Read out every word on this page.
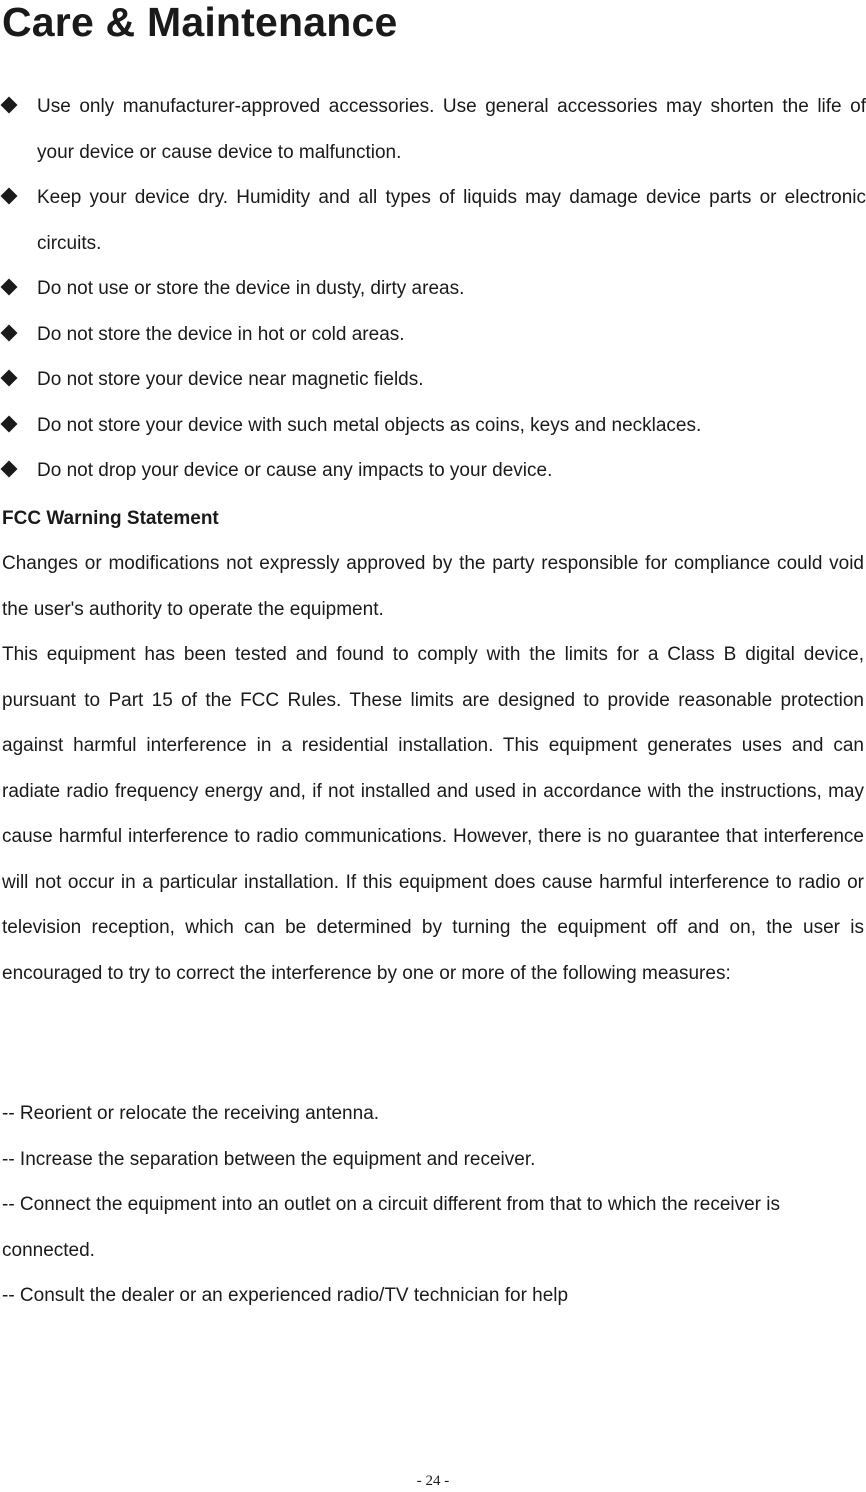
Care & Maintenance
Use only manufacturer-approved accessories. Use general accessories may shorten the life of your device or cause device to malfunction.
Keep your device dry. Humidity and all types of liquids may damage device parts or electronic circuits.
Do not use or store the device in dusty, dirty areas.
Do not store the device in hot or cold areas.
Do not store your device near magnetic fields.
Do not store your device with such metal objects as coins, keys and necklaces.
Do not drop your device or cause any impacts to your device.
FCC Warning Statement

Changes or modifications not expressly approved by the party responsible for compliance could void the user's authority to operate the equipment.

This equipment has been tested and found to comply with the limits for a Class B digital device, pursuant to Part 15 of the FCC Rules. These limits are designed to provide reasonable protection against harmful interference in a residential installation. This equipment generates uses and can radiate radio frequency energy and, if not installed and used in accordance with the instructions, may cause harmful interference to radio communications. However, there is no guarantee that interference will not occur in a particular installation. If this equipment does cause harmful interference to radio or television reception, which can be determined by turning the equipment off and on, the user is encouraged to try to correct the interference by one or more of the following measures:

-- Reorient or relocate the receiving antenna.
-- Increase the separation between the equipment and receiver.
-- Connect the equipment into an outlet on a circuit different from that to which the receiver is connected.
-- Consult the dealer or an experienced radio/TV technician for help
- 24 -
